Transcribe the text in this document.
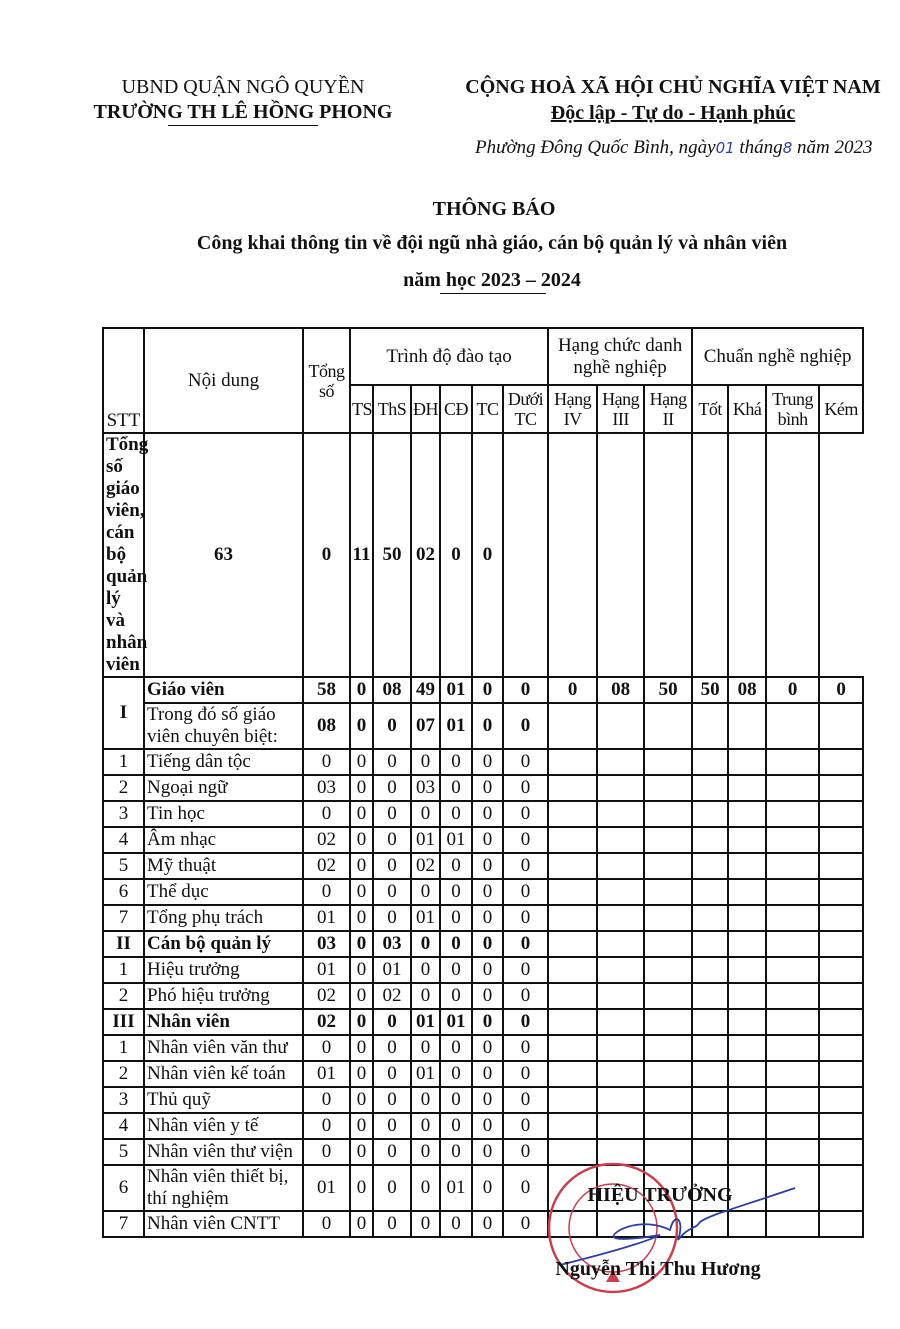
UBND QUẬN NGÔ QUYỀN
TRƯỜNG TH LÊ HỒNG PHONG
CỘNG HOÀ XÃ HỘI CHỦ NGHĨA VIỆT NAM
Độc lập - Tự do - Hạnh phúc
Phường Đông Quốc Bình, ngày01 tháng8 năm 2023
THÔNG BÁO
Công khai thông tin về đội ngũ nhà giáo, cán bộ quản lý và nhân viên
năm học 2023 – 2024
STT	Nội dung	Tổng số	Trình độ đào tạo						Hạng chức danh nghề nghiệp			Chuẩn nghề nghiệp			
			TS	ThS	ĐH	CĐ	TC	Dưới TC	Hạng IV	Hạng III	Hạng II	Tốt	Khá	Trung bình	Kém
Tổng số giáo viên, cán bộ quản lý và nhân viên	63	0	11	50	02	0	0								
I	Giáo viên	58	0	08	49	01	0	0	0	08	50	50	08	0	0
	Trong đó số giáo viên chuyên biệt:	08	0	0	07	01	0	0							
1	Tiếng dân tộc	0	0	0	0	0	0	0							
2	Ngoại ngữ	03	0	0	03	0	0	0							
3	Tin học	0	0	0	0	0	0	0							
4	Âm nhạc	02	0	0	01	01	0	0							
5	Mỹ thuật	02	0	0	02	0	0	0							
6	Thể dục	0	0	0	0	0	0	0							
7	Tổng phụ trách	01	0	0	01	0	0	0							
II	Cán bộ quản lý	03	0	03	0	0	0	0							
1	Hiệu trưởng	01	0	01	0	0	0	0							
2	Phó hiệu trưởng	02	0	02	0	0	0	0							
III	Nhân viên	02	0	0	01	01	0	0							
1	Nhân viên văn thư	0	0	0	0	0	0	0							
2	Nhân viên kế toán	01	0	0	01	0	0	0							
3	Thủ quỹ	0	0	0	0	0	0	0							
4	Nhân viên y tế	0	0	0	0	0	0	0							
5	Nhân viên thư viện	0	0	0	0	0	0	0							
6	Nhân viên thiết bị, thí nghiệm	01	0	0	0	01	0	0							
7	Nhân viên CNTT	0	0	0	0	0	0	0							
HIỆU TRƯỞNG
Nguyễn Thị Thu Hương
